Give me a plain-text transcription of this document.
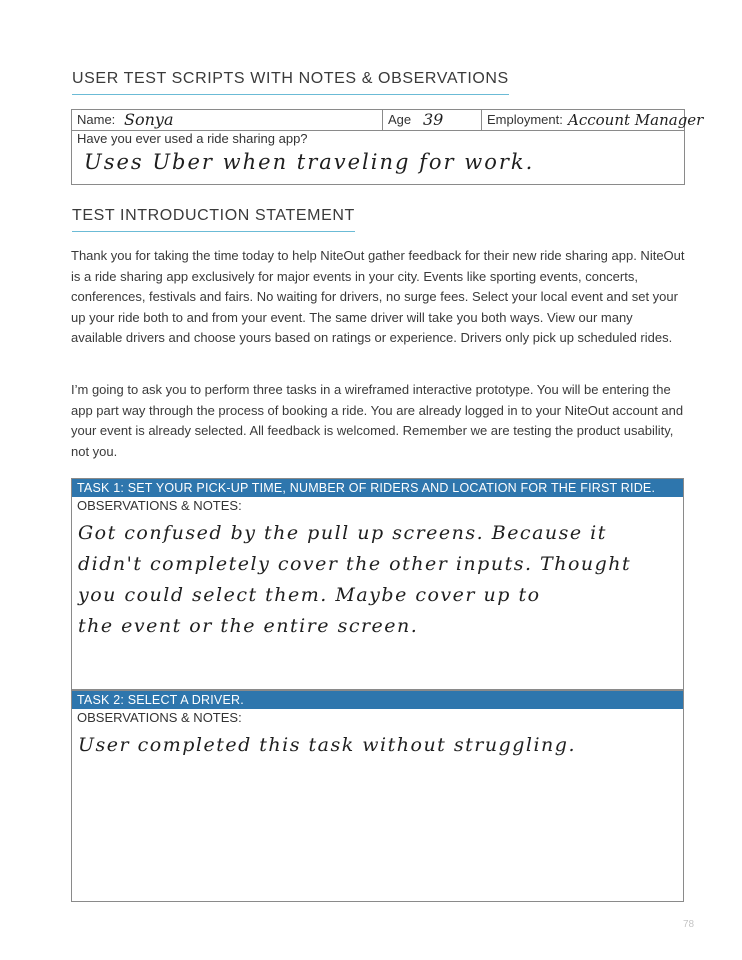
USER TEST SCRIPTS WITH NOTES & OBSERVATIONS
Name: Sonya	Age 39	Employment: Account Manager
Have you ever used a ride sharing app?
Uses Uber when traveling for work.
TEST INTRODUCTION STATEMENT

Thank you for taking the time today to help NiteOut gather feedback for their new ride sharing app. NiteOut is a ride sharing app exclusively for major events in your city. Events like sporting events, concerts, conferences, festivals and fairs. No waiting for drivers, no surge fees. Select your local event and set your up your ride both to and from your event. The same driver will take you both ways. View our many available drivers and choose yours based on ratings or experience. Drivers only pick up scheduled rides.

I’m going to ask you to perform three tasks in a wireframed interactive prototype. You will be entering the app part way through the process of booking a ride. You are already logged in to your NiteOut account and your event is already selected. All feedback is welcomed. Remember we are testing the product usability, not you.

TASK 1: SET YOUR PICK-UP TIME, NUMBER OF RIDERS AND LOCATION FOR THE FIRST RIDE.
OBSERVATIONS & NOTES:
Got confused by the pull up screens. Because it
didn't completely cover the other inputs. Thought
you could select them. Maybe cover up to
the event or the entire screen.
TASK 2: SELECT A DRIVER.
OBSERVATIONS & NOTES:
User completed this task without struggling.
78
